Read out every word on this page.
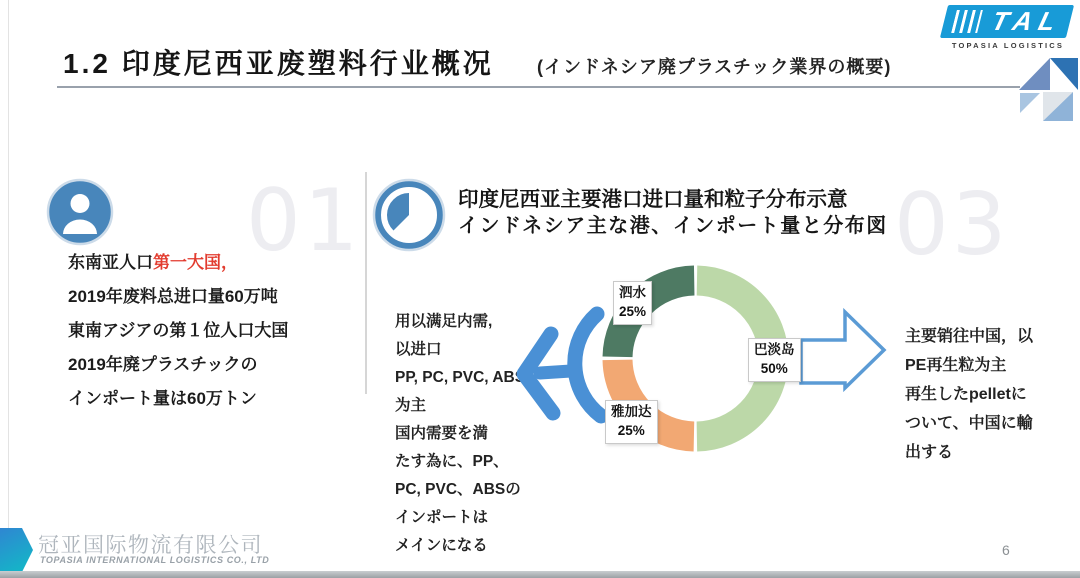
1.2 印度尼西亚废塑料行业概况 (インドネシア廃プラスチック業界の概要)
TAL
TOPASIA LOGISTICS
01	03
东南亚人口第一大国，
2019年废料总进口量60万吨
東南アジアの第１位人口大国
2019年廃プラスチックの
インポート量は60万トン
印度尼西亚主要港口进口量和粒子分布示意
インドネシア主な港、インポート量と分布図
用以满足内需,
以进口
PP, PC, PVC, ABS
为主
国内需要を満
たす為に、PP、
PC, PVC、ABSの
インポートは
メインになる
泗水
25%
巴淡岛
50%
雅加达
25%
主要销往中国，以
PE再生粒为主
再生したpelletに
ついて、中国に輸
出する
冠亚国际物流有限公司
TOPASIA INTERNATIONAL LOGISTICS CO., LTD
6
